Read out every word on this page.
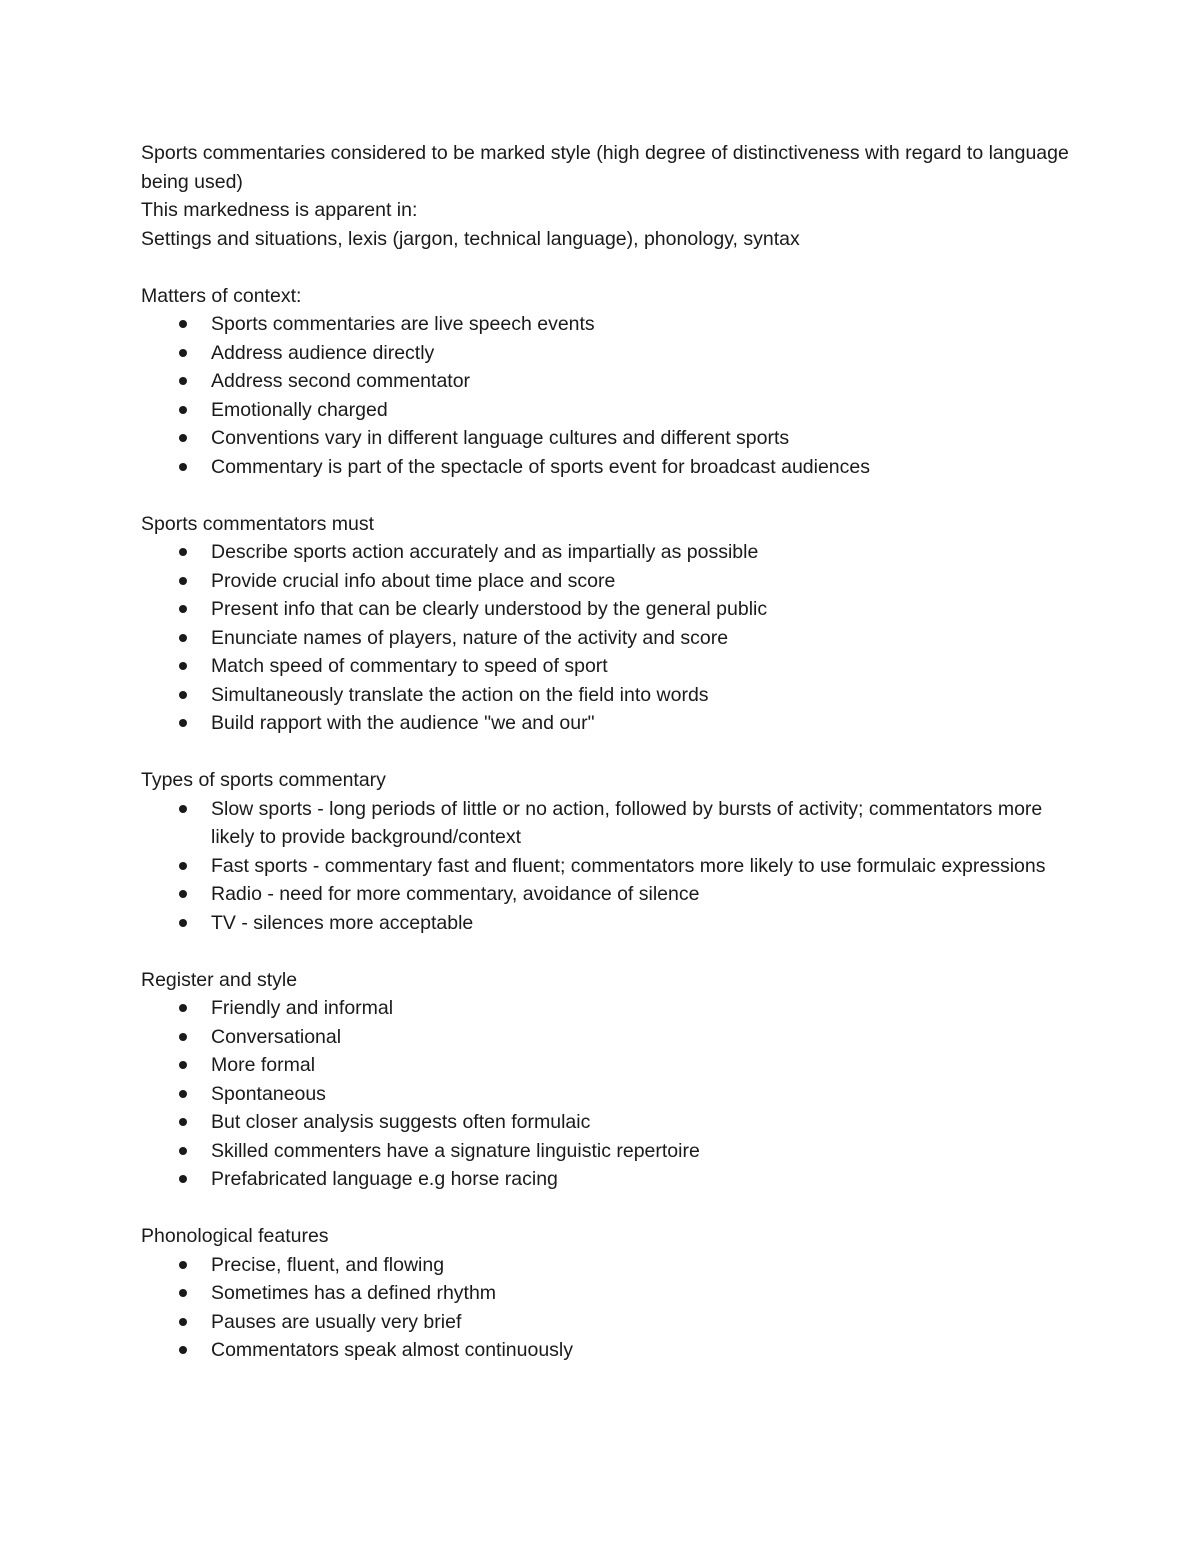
Sports commentaries considered to be marked style (high degree of distinctiveness with regard to language being used)

This markedness is apparent in:

Settings and situations, lexis (jargon, technical language), phonology, syntax

Matters of context:

Sports commentaries are live speech events
Address audience directly
Address second commentator
Emotionally charged
Conventions vary in different language cultures and different sports
Commentary is part of the spectacle of sports event for broadcast audiences

Sports commentators must

Describe sports action accurately and as impartially as possible
Provide crucial info about time place and score
Present info that can be clearly understood by the general public
Enunciate names of players, nature of the activity and score
Match speed of commentary to speed of sport
Simultaneously translate the action on the field into words
Build rapport with the audience "we and our"

Types of sports commentary

Slow sports - long periods of little or no action, followed by bursts of activity; commentators more likely to provide background/context
Fast sports - commentary fast and fluent; commentators more likely to use formulaic expressions
Radio - need for more commentary, avoidance of silence
TV - silences more acceptable

Register and style

Friendly and informal
Conversational
More formal
Spontaneous
But closer analysis suggests often formulaic
Skilled commenters have a signature linguistic repertoire
Prefabricated language e.g horse racing

Phonological features

Precise, fluent, and flowing
Sometimes has a defined rhythm
Pauses are usually very brief
Commentators speak almost continuously
